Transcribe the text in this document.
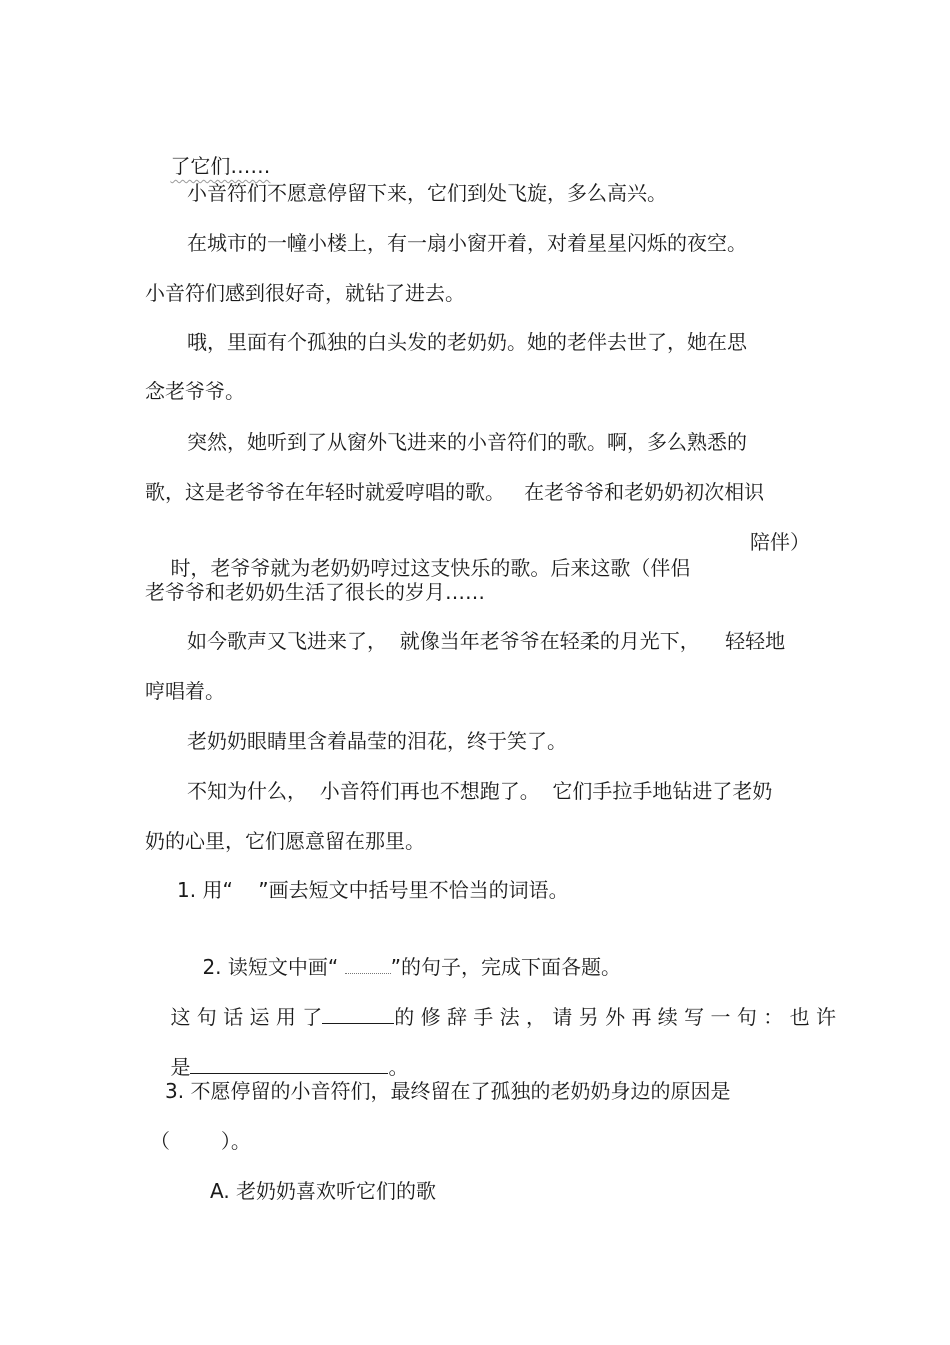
了它们……

小音符们不愿意停留下来，它们到处飞旋，多么高兴。
在城市的一幢小楼上，有一扇小窗开着，对着星星闪烁的夜空。
小音符们感到很好奇，就钻了进去。
哦，里面有个孤独的白头发的老奶奶。她的老伴去世了，她在思
念老爷爷。
突然，她听到了从窗外飞进来的小音符们的歌。啊，多么熟悉的
歌，这是老爷爷在年轻时就爱哼唱的歌。   在老爷爷和老奶奶初次相识

时，老爷爷就为老奶奶哼过这支快乐的歌。后来这歌（伴侣

陪伴）
老爷爷和老奶奶生活了很长的岁月……
如今歌声又飞进来了，  就像当年老爷爷在轻柔的月光下，    轻轻地
哼唱着。
老奶奶眼睛里含着晶莹的泪花，终于笑了。
不知为什么，  小音符们再也不想跑了。  它们手拉手地钻进了老奶
奶的心里，它们愿意留在那里。
1. 用“    ”画去短文中括号里不恰当的词语。

2. 读短文中画“ ”的句子，完成下面各题。

这 句 话 运 用 了	的 修 辞 手 法 ， 请 另 外 再 续 写 一 句 ： 也 许

是	。

3. 不愿停留的小音符们，最终留在了孤独的老奶奶身边的原因是
（        ）。
A. 老奶奶喜欢听它们的歌
